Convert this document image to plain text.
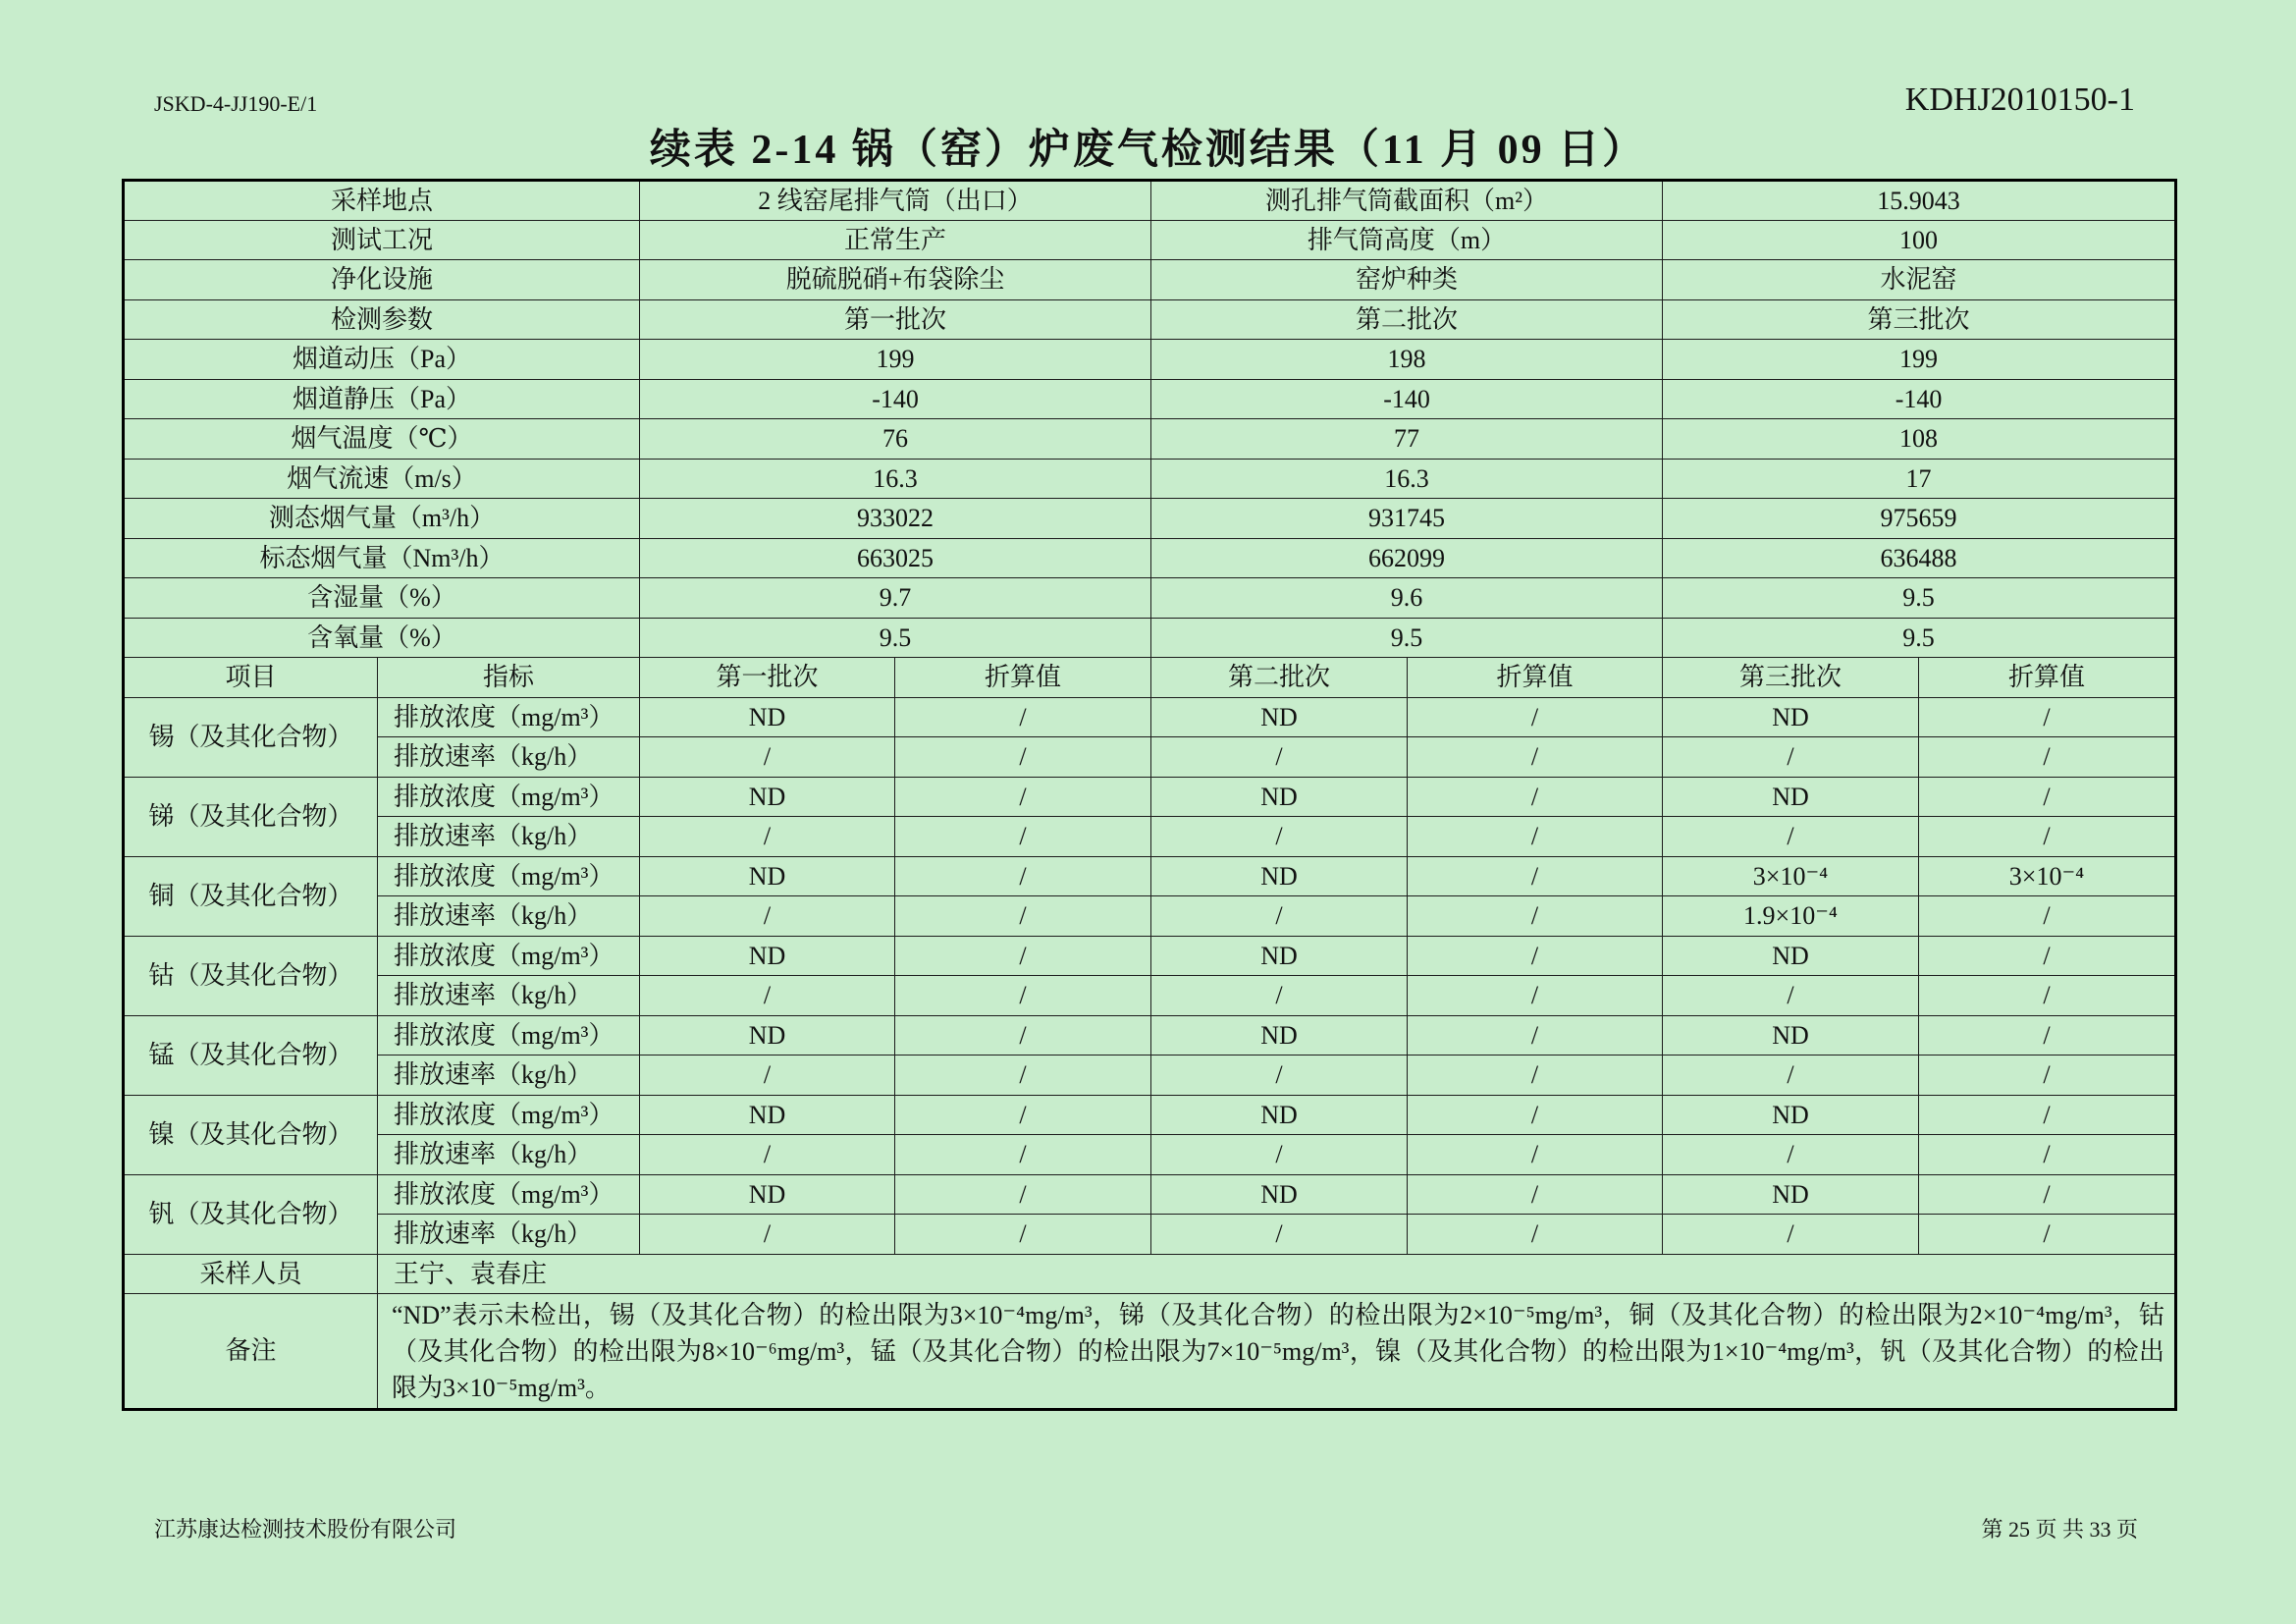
JSKD-4-JJ190-E/1	KDHJ2010150-1
续表 2-14 锅（窑）炉废气检测结果（11 月 09 日）
采样地点		2 线窑尾排气筒（出口）		测孔排气筒截面积（m²）		15.9043	
测试工况		正常生产		排气筒高度（m）		100	
净化设施		脱硫脱硝+布袋除尘		窑炉种类		水泥窑	
检测参数		第一批次		第二批次		第三批次	
烟道动压（Pa）		199		198		199	
烟道静压（Pa）		-140		-140		-140	
烟气温度（℃）		76		77		108	
烟气流速（m/s）		16.3		16.3		17	
测态烟气量（m³/h）		933022		931745		975659	
标态烟气量（Nm³/h）		663025		662099		636488	
含湿量（%）		9.7		9.6		9.5	
含氧量（%）		9.5		9.5		9.5	
项目	指标	第一批次	折算值	第二批次	折算值	第三批次	折算值
锡（及其化合物）	排放浓度（mg/m³）	ND	/	ND	/	ND	/
	排放速率（kg/h）	/	/	/	/	/	/
锑（及其化合物）	排放浓度（mg/m³）	ND	/	ND	/	ND	/
	排放速率（kg/h）	/	/	/	/	/	/
铜（及其化合物）	排放浓度（mg/m³）	ND	/	ND	/	3×10⁻⁴	3×10⁻⁴
	排放速率（kg/h）	/	/	/	/	1.9×10⁻⁴	/
钴（及其化合物）	排放浓度（mg/m³）	ND	/	ND	/	ND	/
	排放速率（kg/h）	/	/	/	/	/	/
锰（及其化合物）	排放浓度（mg/m³）	ND	/	ND	/	ND	/
	排放速率（kg/h）	/	/	/	/	/	/
镍（及其化合物）	排放浓度（mg/m³）	ND	/	ND	/	ND	/
	排放速率（kg/h）	/	/	/	/	/	/
钒（及其化合物）	排放浓度（mg/m³）	ND	/	ND	/	ND	/
	排放速率（kg/h）	/	/	/	/	/	/
采样人员	王宁、袁春庄						
备注	“ND”表示未检出，锡（及其化合物）的检出限为3×10⁻⁴mg/m³，锑（及其化合物）的检出限为2×10⁻⁵mg/m³，铜（及其化合物）的检出限为2×10⁻⁴mg/m³，钴（及其化合物）的检出限为8×10⁻⁶mg/m³，锰（及其化合物）的检出限为7×10⁻⁵mg/m³，镍（及其化合物）的检出限为1×10⁻⁴mg/m³，钒（及其化合物）的检出限为3×10⁻⁵mg/m³。						
江苏康达检测技术股份有限公司	第 25 页 共 33 页
